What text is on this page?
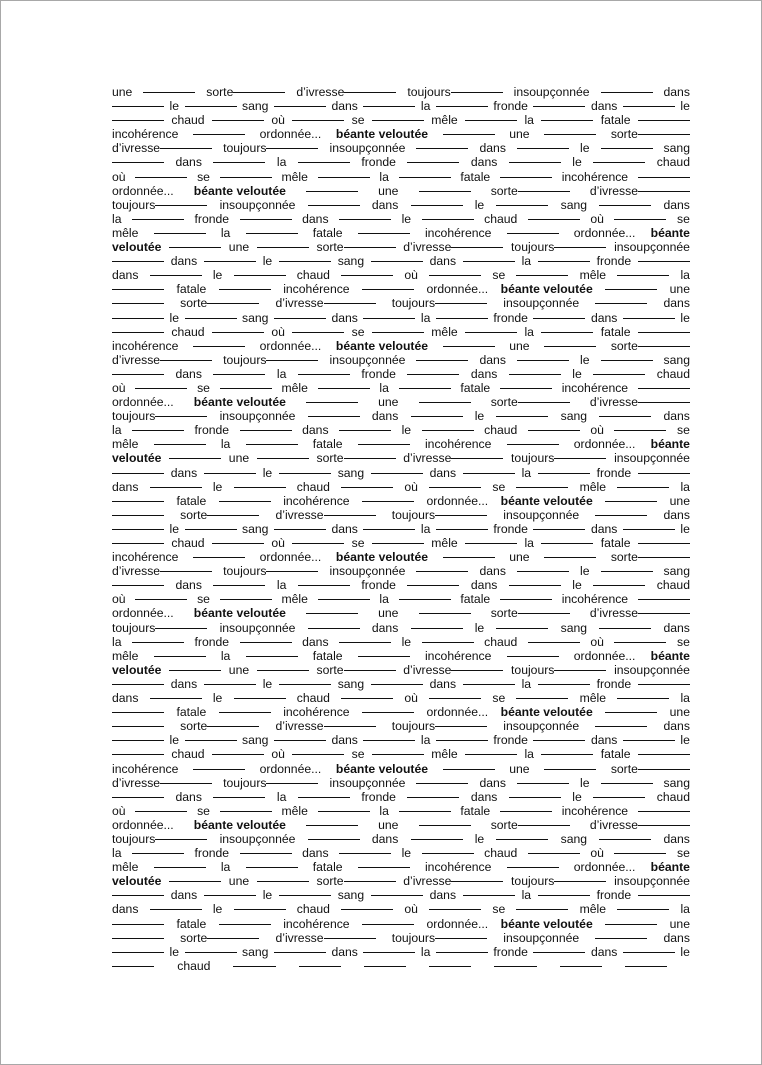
une	sorte	d’ivresse	toujours	insoupçonnée	dans
le	sang	dans	la	fronde	dans	le
chaud	où	se	mêle	la	fatale
incohérence	ordonnée... béante veloutée	une	sorte
d’ivresse	toujours	insoupçonnée	dans	le	sang
dans	la	fronde	dans	le	chaud
où	se	mêle	la	fatale	incohérence
ordonnée... béante veloutée	une	sorte	d’ivresse
toujours	insoupçonnée	dans	le	sang	dans
la	fronde	dans	le	chaud	où	se
mêle	la	fatale	incohérence	ordonnée... béante
veloutée	une	sorte	d’ivresse	toujours	insoupçonnée
dans	le	sang	dans	la	fronde
dans	le	chaud	où	se	mêle	la
fatale	incohérence	ordonnée... béante veloutée	une
sorte	d’ivresse	toujours	insoupçonnée	dans
le	sang	dans	la	fronde	dans	le
chaud	où	se	mêle	la	fatale
incohérence	ordonnée... béante veloutée	une	sorte
d’ivresse	toujours	insoupçonnée	dans	le	sang
dans	la	fronde	dans	le	chaud
où	se	mêle	la	fatale	incohérence
ordonnée... béante veloutée	une	sorte	d’ivresse
toujours	insoupçonnée	dans	le	sang	dans
la	fronde	dans	le	chaud	où	se
mêle	la	fatale	incohérence	ordonnée... béante
veloutée	une	sorte	d’ivresse	toujours	insoupçonnée
dans	le	sang	dans	la	fronde
dans	le	chaud	où	se	mêle	la
fatale	incohérence	ordonnée... béante veloutée	une
sorte	d’ivresse	toujours	insoupçonnée	dans
le	sang	dans	la	fronde	dans	le
chaud	où	se	mêle	la	fatale
incohérence	ordonnée... béante veloutée	une	sorte
d’ivresse	toujours	insoupçonnée	dans	le	sang
dans	la	fronde	dans	le	chaud
où	se	mêle	la	fatale	incohérence
ordonnée... béante veloutée	une	sorte	d’ivresse
toujours	insoupçonnée	dans	le	sang	dans
la	fronde	dans	le	chaud	où	se
mêle	la	fatale	incohérence	ordonnée... béante
veloutée	une	sorte	d’ivresse	toujours	insoupçonnée
dans	le	sang	dans	la	fronde
dans	le	chaud	où	se	mêle	la
fatale	incohérence	ordonnée... béante veloutée	une
sorte	d’ivresse	toujours	insoupçonnée	dans
le	sang	dans	la	fronde	dans	le
chaud	où	se	mêle	la	fatale
incohérence	ordonnée... béante veloutée	une	sorte
d’ivresse	toujours	insoupçonnée	dans	le	sang
dans	la	fronde	dans	le	chaud
où	se	mêle	la	fatale	incohérence
ordonnée... béante veloutée	une	sorte	d’ivresse
toujours	insoupçonnée	dans	le	sang	dans
la	fronde	dans	le	chaud	où	se
mêle	la	fatale	incohérence	ordonnée... béante
veloutée	une	sorte	d’ivresse	toujours	insoupçonnée
dans	le	sang	dans	la	fronde
dans	le	chaud	où	se	mêle	la
fatale	incohérence	ordonnée... béante veloutée	une
sorte	d’ivresse	toujours	insoupçonnée	dans
le	sang	dans	la	fronde	dans	le
chaud
